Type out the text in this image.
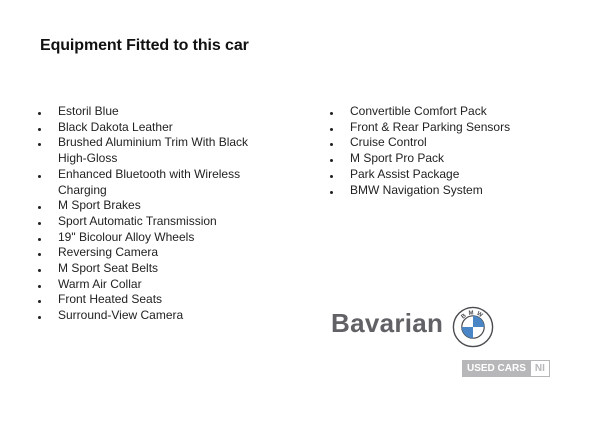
Equipment Fitted to this car
Estoril Blue
Black Dakota Leather
Brushed Aluminium Trim With Black High-Gloss
Enhanced Bluetooth with Wireless Charging
M Sport Brakes
Sport Automatic Transmission
19" Bicolour Alloy Wheels
Reversing Camera
M Sport Seat Belts
Warm Air Collar
Front Heated Seats
Surround-View Camera
Convertible Comfort Pack
Front & Rear Parking Sensors
Cruise Control
M Sport Pro Pack
Park Assist Package
BMW Navigation System
Bavarian	BMW
USED CARS NI
